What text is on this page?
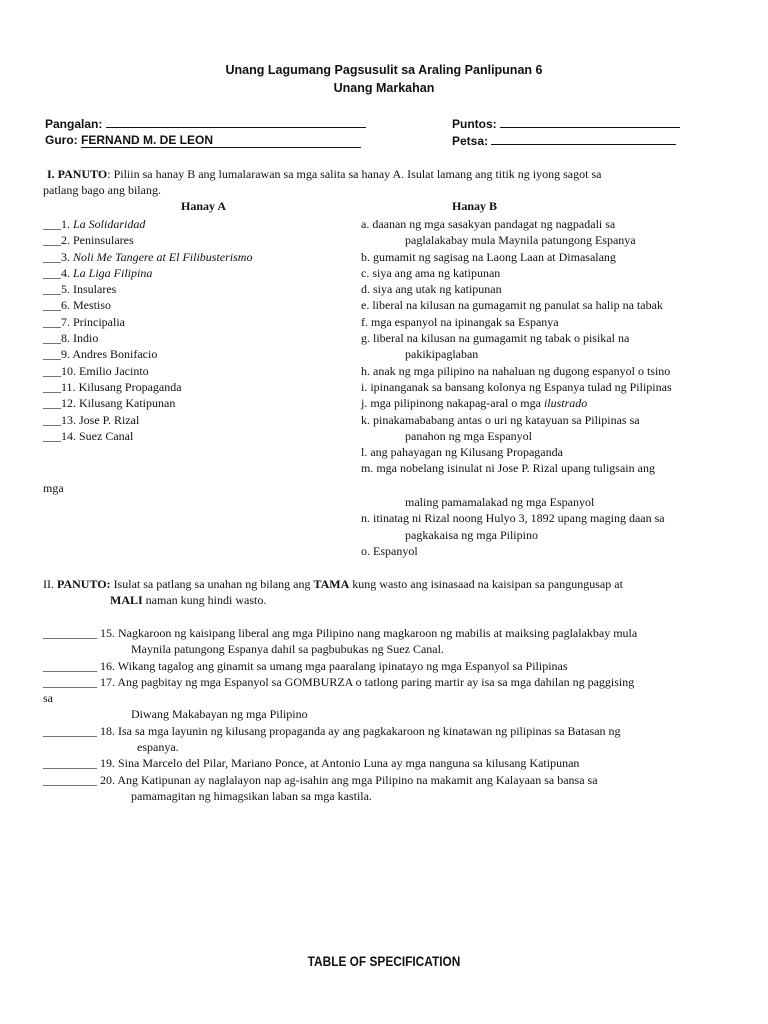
Unang Lagumang Pagsusulit sa Araling Panlipunan 6
Unang Markahan
Pangalan:	Puntos:
Guro: FERNAND M. DE LEON	Petsa:
I. PANUTO: Piliin sa hanay B ang lumalarawan sa mga salita sa hanay A. Isulat lamang ang titik ng iyong sagot sa
patlang bago ang bilang.
Hanay A	Hanay B
___1. La Solidaridad
___2. Peninsulares
___3. Noli Me Tangere at El Filibusterismo
___4. La Liga Filipina
___5. Insulares
___6. Mestiso
___7. Principalia
___8. Indio
___9. Andres Bonifacio
___10. Emilio Jacinto
___11. Kilusang Propaganda
___12. Kilusang Katipunan
___13. Jose P. Rizal
___14. Suez Canal
a. daanan ng mga sasakyan pandagat ng nagpadali sa
paglalakabay mula Maynila patungong Espanya
b. gumamit ng sagisag na Laong Laan at Dimasalang
c. siya ang ama ng katipunan
d. siya ang utak ng katipunan
e. liberal na kilusan na gumagamit ng panulat sa halip na tabak
f. mga espanyol na ipinangak sa Espanya
g. liberal na kilusan na gumagamit ng tabak o pisikal na
pakikipaglaban
h. anak ng mga pilipino na nahaluan ng dugong espanyol o tsino
i. ipinanganak sa bansang kolonya ng Espanya tulad ng Pilipinas
j. mga pilipinong nakapag-aral o mga ilustrado
k. pinakamababang antas o uri ng katayuan sa Pilipinas sa
panahon ng mga Espanyol
l. ang pahayagan ng Kilusang Propaganda
m. mga nobelang isinulat ni Jose P. Rizal upang tuligsain ang
mga
maling pamamalakad ng mga Espanyol
n. itinatag ni Rizal noong Hulyo 3, 1892 upang maging daan sa
pagkakaisa ng mga Pilipino
o. Espanyol
II. PANUTO: Isulat sa patlang sa unahan ng bilang ang TAMA kung wasto ang isinasaad na kaisipan sa pangungusap at
MALI naman kung hindi wasto.
_________ 15. Nagkaroon ng kaisipang liberal ang mga Pilipino nang magkaroon ng mabilis at maiksing paglalakbay mula
Maynila patungong Espanya dahil sa pagbubukas ng Suez Canal.
_________ 16. Wikang tagalog ang ginamit sa umang mga paaralang ipinatayo ng mga Espanyol sa Pilipinas
_________ 17. Ang pagbitay ng mga Espanyol sa GOMBURZA o tatlong paring martir ay isa sa mga dahilan ng paggising
sa
Diwang Makabayan ng mga Pilipino
_________ 18. Isa sa mga layunin ng kilusang propaganda ay ang pagkakaroon ng kinatawan ng pilipinas sa Batasan ng
espanya.
_________ 19. Sina Marcelo del Pilar, Mariano Ponce, at Antonio Luna ay mga nanguna sa kilusang Katipunan
_________ 20. Ang Katipunan ay naglalayon nap ag-isahin ang mga Pilipino na makamit ang Kalayaan sa bansa sa
pamamagitan ng himagsikan laban sa mga kastila.
TABLE OF SPECIFICATION
